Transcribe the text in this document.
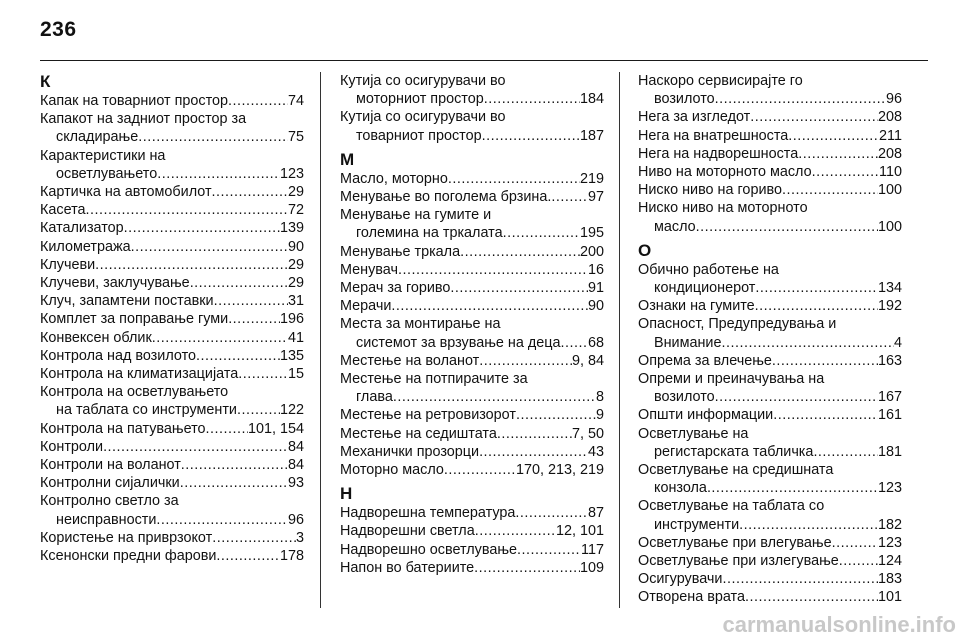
236
К
Капак на товарниот простор .....	74
Капакот на задниот простор за
складирање .....	75
Карактеристики на
осветлувањето .....	123
Картичка на автомобилот .....	29
Касета .....	72
Катализатор .....	139
Километража .....	90
Клучеви .....	29
Клучеви, заклучување .....	29
Клуч, запамтени поставки .....	31
Комплет за поправање гуми .....	196
Конвексен облик .....	41
Контрола над возилото .....	135
Контрола на климатизацијата .....	15
Контрола на осветлувањето
на таблата со инструменти .....	122
Контрола на патувањето .....	101, 154
Контроли .....	84
Контроли на воланот .....	84
Контролни сијалички .....	93
Контролно светло за
неисправности .....	96
Користење на приврзокот .....	3
Ксенонски предни фарови .....	178
Кутија со осигурувачи во
моторниот простор .....	184
Кутија со осигурувачи во
товарниот простор .....	187
М
Масло, моторно .....	219
Менување во поголема брзина. .....	97
Менување на гумите и
големина на тркалата .....	195
Менување тркала .....	200
Менувач .....	16
Мерач за гориво .....	91
Мерачи .....	90
Места за монтирање на
системот за врзување на деца ..... 68
Местење на воланот .....	9, 84
Местење на потпирачите за
глава .....	8
Местење на ретровизорот .....	9
Местење на седиштата .....	7, 50
Механички прозорци .....	43
Моторно масло .....	170, 213, 219
Н
Надворешна температура .....	87
Надворешни светла .....	12, 101
Надворешно осветлување .....	117
Напон во батериите .....	109
Наскоро сервисирајте го
возилото .....	96
Нега за изгледот .....	208
Нега на внатрешноста .....	211
Нега на надворешноста .....	208
Ниво на моторното масло .....	110
Ниско ниво на гориво .....	100
Ниско ниво на моторното
масло .....	100
О
Обично работење на
кондиционерот .....	134
Ознаки на гумите .....	192
Опасност, Предупредувања и
Внимание .....	4
Опрема за влечење .....	163
Опреми и преиначувања на
возилото .....	167
Општи информации .....	161
Осветлување на
регистарската табличка .....	181
Осветлување на средишната
конзола .....	123
Осветлување на таблата со
инструменти .....	182
Осветлување при влегување .....	123
Осветлување при излегување .....	124
Осигурувачи .....	183
Отворена врата .....	101
carmanualsonline.info
